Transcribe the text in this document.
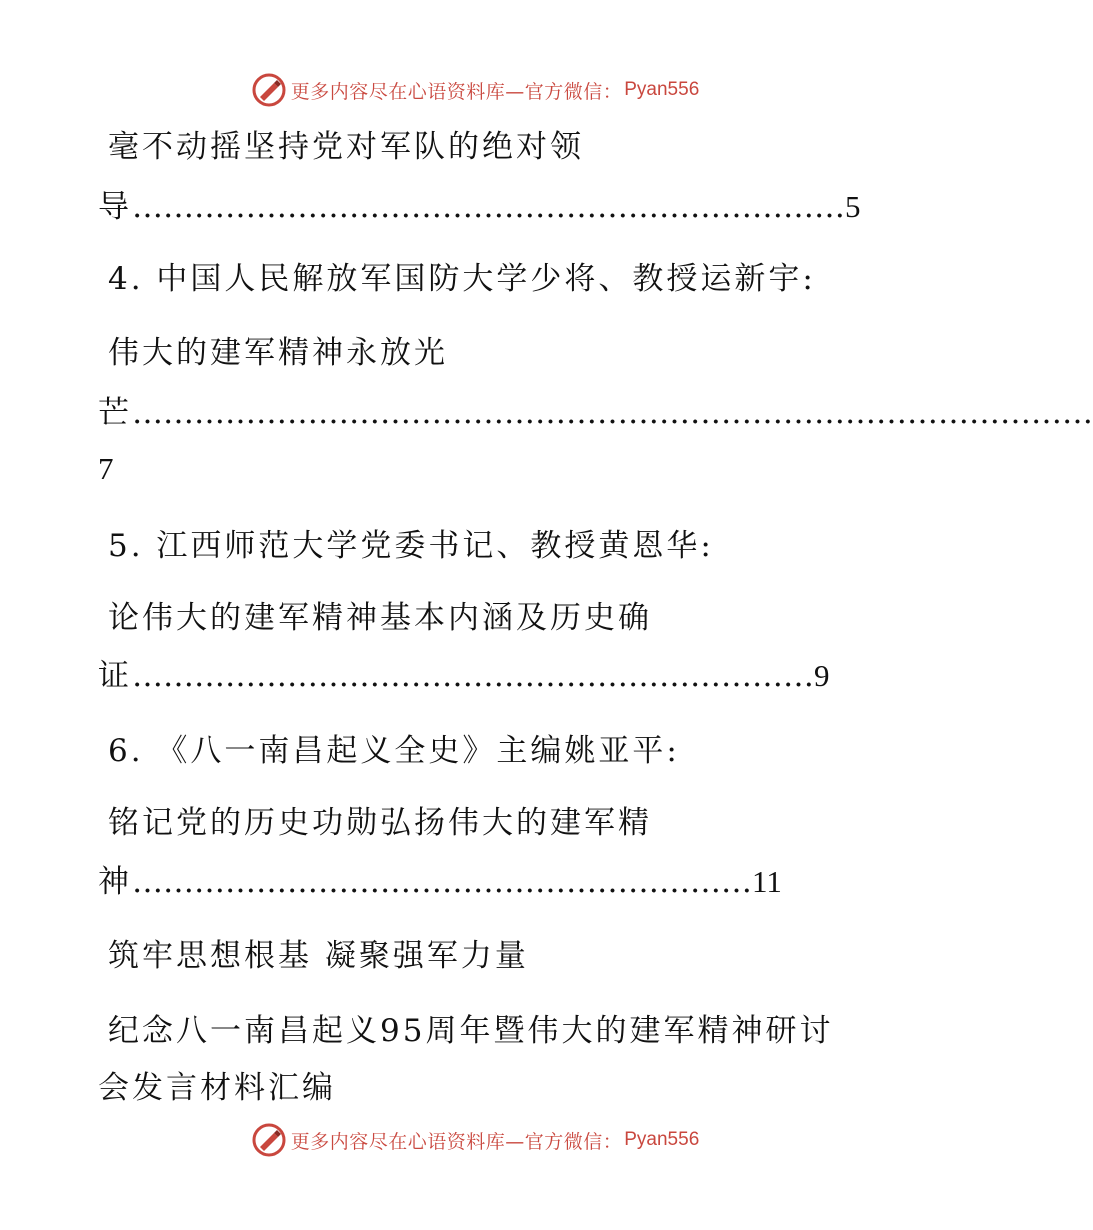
更多内容尽在心语资料库—官方微信： Pyan556
毫不动摇坚持党对军队的绝对领
导……………………………………………………………5
4. 中国人民解放军国防大学少将、教授运新宇:
伟大的建军精神永放光
芒…………………………………………………………………………………
7
5. 江西师范大学党委书记、教授黄恩华:
论伟大的建军精神基本内涵及历史确
证…………………………………………………………9
6. 《八一南昌起义全史》主编姚亚平:
铭记党的历史功勋弘扬伟大的建军精
神……………………………………………………11
筑牢思想根基 凝聚强军力量
纪念八一南昌起义95周年暨伟大的建军精神研讨
会发言材料汇编
更多内容尽在心语资料库—官方微信： Pyan556
